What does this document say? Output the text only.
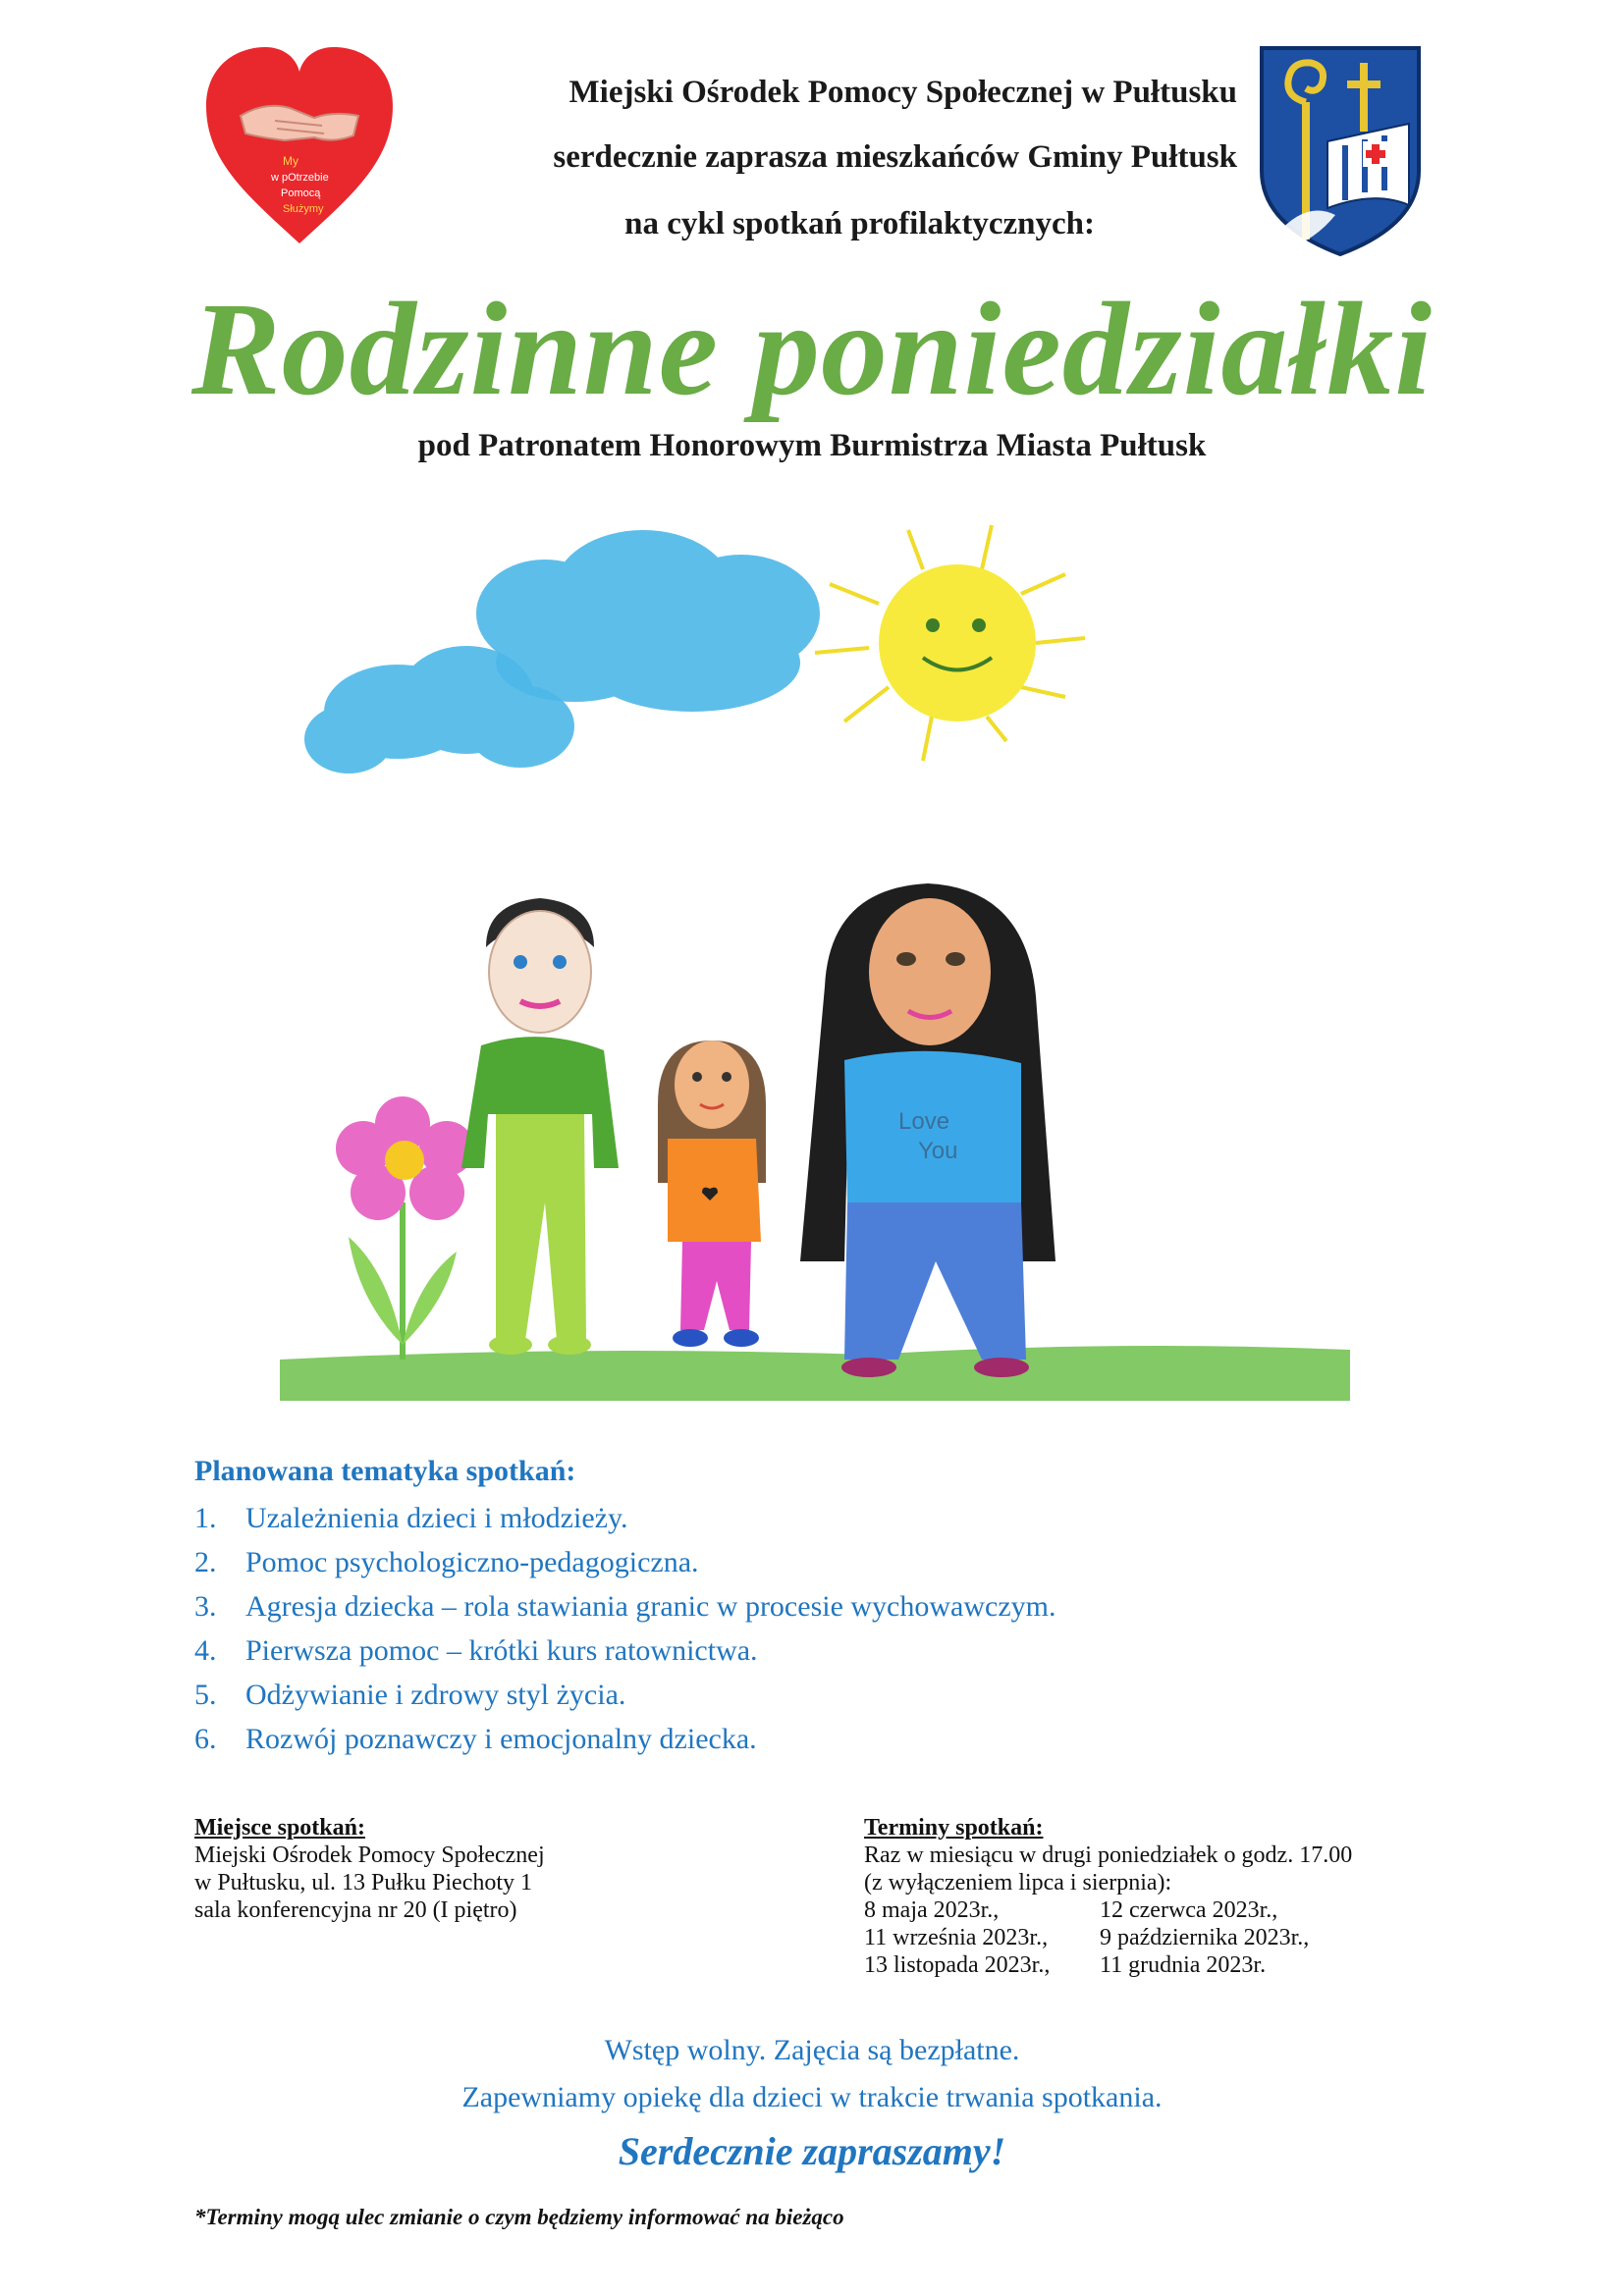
My
w pOtrzebie
Pomocą
Służymy
Miejski Ośrodek Pomocy Społecznej w Pułtusku
serdecznie zaprasza mieszkańców Gminy Pułtusk
na cykl spotkań profilaktycznych:
Rodzinne poniedziałki
pod Patronatem Honorowym Burmistrza Miasta Pułtusk
Love
You
Planowana tematyka spotkań:
1. Uzależnienia dzieci i młodzieży.
2. Pomoc psychologiczno-pedagogiczna.
3. Agresja dziecka – rola stawiania granic w procesie wychowawczym.
4. Pierwsza pomoc – krótki kurs ratownictwa.
5. Odżywianie i zdrowy styl życia.
6. Rozwój poznawczy i emocjonalny dziecka.
Miejsce spotkań:
Miejski Ośrodek Pomocy Społecznej
w Pułtusku, ul. 13 Pułku Piechoty 1
sala konferencyjna nr 20 (I piętro)
Terminy spotkań:
Raz w miesiącu w drugi poniedziałek o godz. 17.00
(z wyłączeniem lipca i sierpnia):
8 maja 2023r.,	12 czerwca 2023r.,
11 września 2023r.,	9 października 2023r.,
13 listopada 2023r.,	11 grudnia 2023r.
Wstęp wolny. Zajęcia są bezpłatne.
Zapewniamy opiekę dla dzieci w trakcie trwania spotkania.
Serdecznie zapraszamy!
*Terminy mogą ulec zmianie o czym będziemy informować na bieżąco
